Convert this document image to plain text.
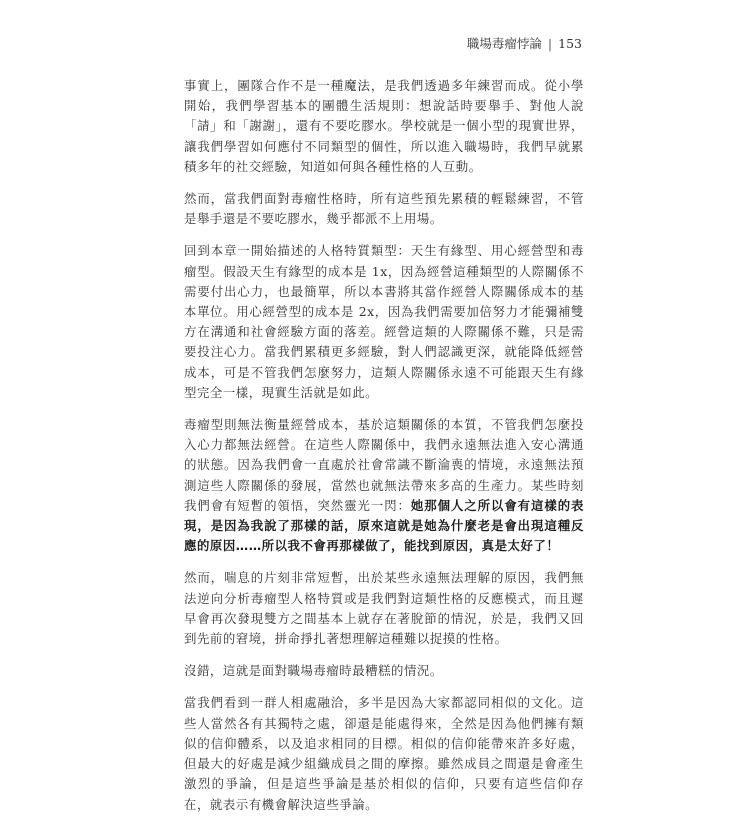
職場毒瘤悖論 | 153

事實上，團隊合作不是一種魔法，是我們透過多年練習而成。從小學開始，我們學習基本的團體生活規則：想說話時要舉手、對他人說「請」和「謝謝」，還有不要吃膠水。學校就是一個小型的現實世界，讓我們學習如何應付不同類型的個性，所以進入職場時，我們早就累積多年的社交經驗，知道如何與各種性格的人互動。

然而，當我們面對毒瘤性格時，所有這些預先累積的輕鬆練習，不管是舉手還是不要吃膠水，幾乎都派不上用場。

回到本章一開始描述的人格特質類型：天生有緣型、用心經營型和毒瘤型。假設天生有緣型的成本是 1x，因為經營這種類型的人際關係不需要付出心力，也最簡單，所以本書將其當作經營人際關係成本的基本單位。用心經營型的成本是 2x，因為我們需要加倍努力才能彌補雙方在溝通和社會經驗方面的落差。經營這類的人際關係不難，只是需要投注心力。當我們累積更多經驗，對人們認識更深，就能降低經營成本，可是不管我們怎麼努力，這類人際關係永遠不可能跟天生有緣型完全一樣，現實生活就是如此。

毒瘤型則無法衡量經營成本，基於這類關係的本質，不管我們怎麼投入心力都無法經營。在這些人際關係中，我們永遠無法進入安心溝通的狀態。因為我們會一直處於社會常識不斷淪喪的情境，永遠無法預測這些人際關係的發展，當然也就無法帶來多高的生產力。某些時刻我們會有短暫的領悟，突然靈光一閃：她那個人之所以會有這樣的表現，是因為我說了那樣的話，原來這就是她為什麼老是會出現這種反應的原因……所以我不會再那樣做了，能找到原因，真是太好了！

然而，喘息的片刻非常短暫，出於某些永遠無法理解的原因，我們無法逆向分析毒瘤型人格特質或是我們對這類性格的反應模式，而且遲早會再次發現雙方之間基本上就存在著脫節的情況，於是，我們又回到先前的窘境，拼命掙扎著想理解這種難以捉摸的性格。

沒錯，這就是面對職場毒瘤時最糟糕的情況。

當我們看到一群人相處融洽，多半是因為大家都認同相似的文化。這些人當然各有其獨特之處，卻還是能處得來，全然是因為他們擁有類似的信仰體系，以及追求相同的目標。相似的信仰能帶來許多好處，但最大的好處是減少組織成員之間的摩擦。雖然成員之間還是會產生激烈的爭論，但是這些爭論是基於相似的信仰，只要有這些信仰存在，就表示有機會解決這些爭論。
